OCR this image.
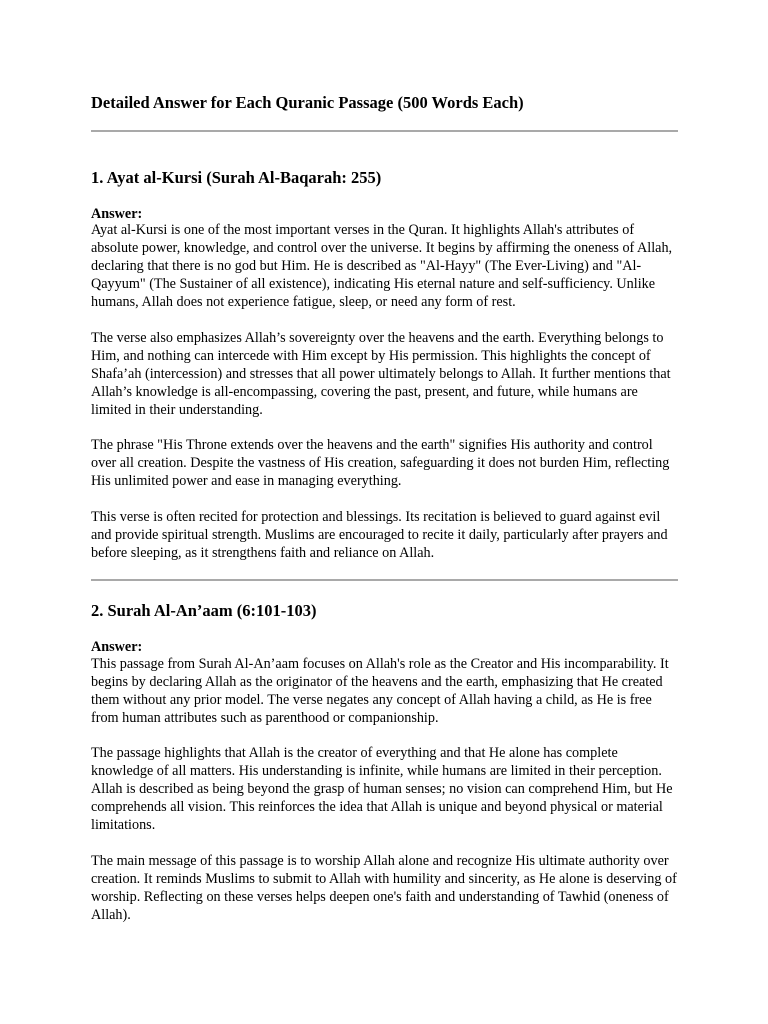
Detailed Answer for Each Quranic Passage (500 Words Each)
1. Ayat al-Kursi (Surah Al-Baqarah: 255)
Answer:

Ayat al-Kursi is one of the most important verses in the Quran. It highlights Allah's attributes of absolute power, knowledge, and control over the universe. It begins by affirming the oneness of Allah, declaring that there is no god but Him. He is described as "Al-Hayy" (The Ever-Living) and "Al-Qayyum" (The Sustainer of all existence), indicating His eternal nature and self-sufficiency. Unlike humans, Allah does not experience fatigue, sleep, or need any form of rest.

The verse also emphasizes Allah’s sovereignty over the heavens and the earth. Everything belongs to Him, and nothing can intercede with Him except by His permission. This highlights the concept of Shafa’ah (intercession) and stresses that all power ultimately belongs to Allah. It further mentions that Allah’s knowledge is all-encompassing, covering the past, present, and future, while humans are limited in their understanding.

The phrase "His Throne extends over the heavens and the earth" signifies His authority and control over all creation. Despite the vastness of His creation, safeguarding it does not burden Him, reflecting His unlimited power and ease in managing everything.

This verse is often recited for protection and blessings. Its recitation is believed to guard against evil and provide spiritual strength. Muslims are encouraged to recite it daily, particularly after prayers and before sleeping, as it strengthens faith and reliance on Allah.

2. Surah Al-An’aam (6:101-103)
Answer:

This passage from Surah Al-An’aam focuses on Allah's role as the Creator and His incomparability. It begins by declaring Allah as the originator of the heavens and the earth, emphasizing that He created them without any prior model. The verse negates any concept of Allah having a child, as He is free from human attributes such as parenthood or companionship.

The passage highlights that Allah is the creator of everything and that He alone has complete knowledge of all matters. His understanding is infinite, while humans are limited in their perception. Allah is described as being beyond the grasp of human senses; no vision can comprehend Him, but He comprehends all vision. This reinforces the idea that Allah is unique and beyond physical or material limitations.

The main message of this passage is to worship Allah alone and recognize His ultimate authority over creation. It reminds Muslims to submit to Allah with humility and sincerity, as He alone is deserving of worship. Reflecting on these verses helps deepen one's faith and understanding of Tawhid (oneness of Allah).
